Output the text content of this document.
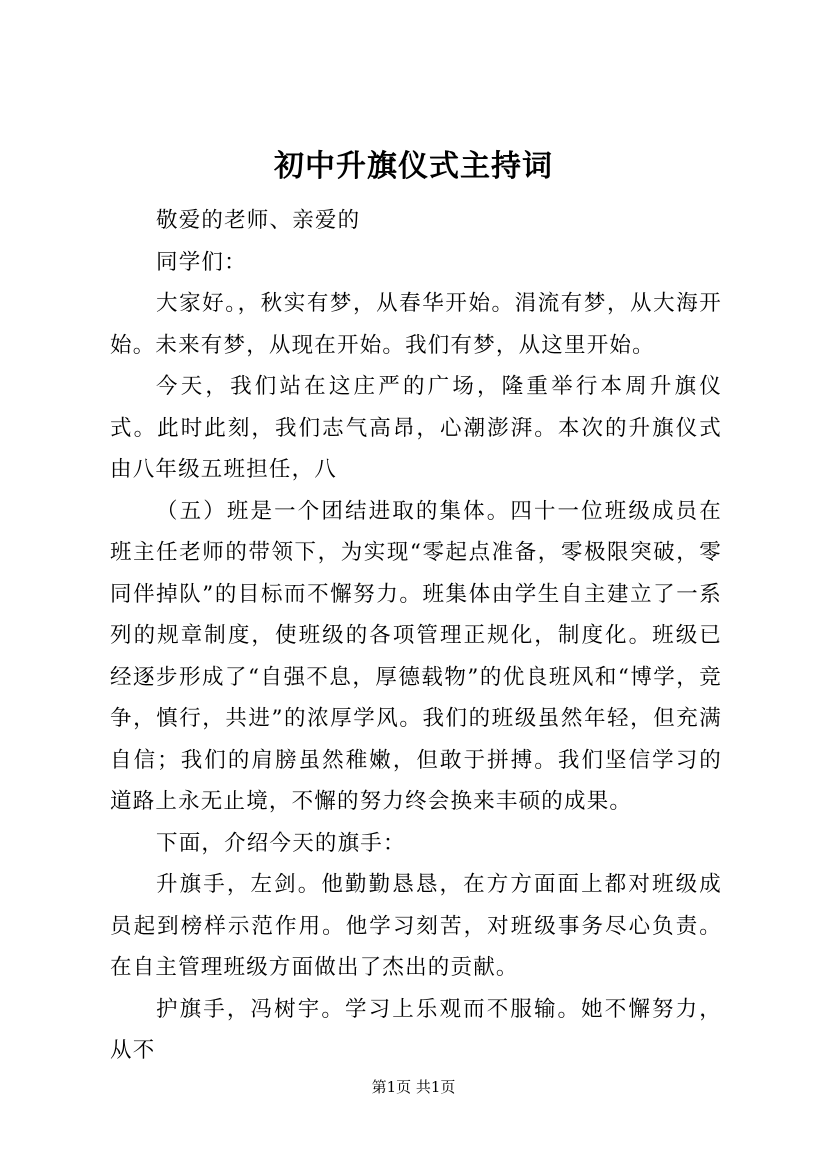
初中升旗仪式主持词

敬爱的老师、亲爱的

同学们：

大家好。，秋实有梦，从春华开始。涓流有梦，从大海开始。未来有梦，从现在开始。我们有梦，从这里开始。

今天，我们站在这庄严的广场，隆重举行本周升旗仪式。此时此刻，我们志气高昂，心潮澎湃。本次的升旗仪式由八年级五班担任，八

（五）班是一个团结进取的集体。四十一位班级成员在班主任老师的带领下，为实现“零起点准备，零极限突破，零同伴掉队”的目标而不懈努力。班集体由学生自主建立了一系列的规章制度，使班级的各项管理正规化，制度化。班级已经逐步形成了“自强不息，厚德载物”的优良班风和“博学，竞争，慎行，共进”的浓厚学风。我们的班级虽然年轻，但充满自信；我们的肩膀虽然稚嫩，但敢于拼搏。我们坚信学习的道路上永无止境，不懈的努力终会换来丰硕的成果。

下面，介绍今天的旗手：

升旗手，左剑。他勤勤恳恳，在方方面面上都对班级成员起到榜样示范作用。他学习刻苦，对班级事务尽心负责。在自主管理班级方面做出了杰出的贡献。

护旗手，冯树宇。学习上乐观而不服输。她不懈努力，从不

第1页 共1页
